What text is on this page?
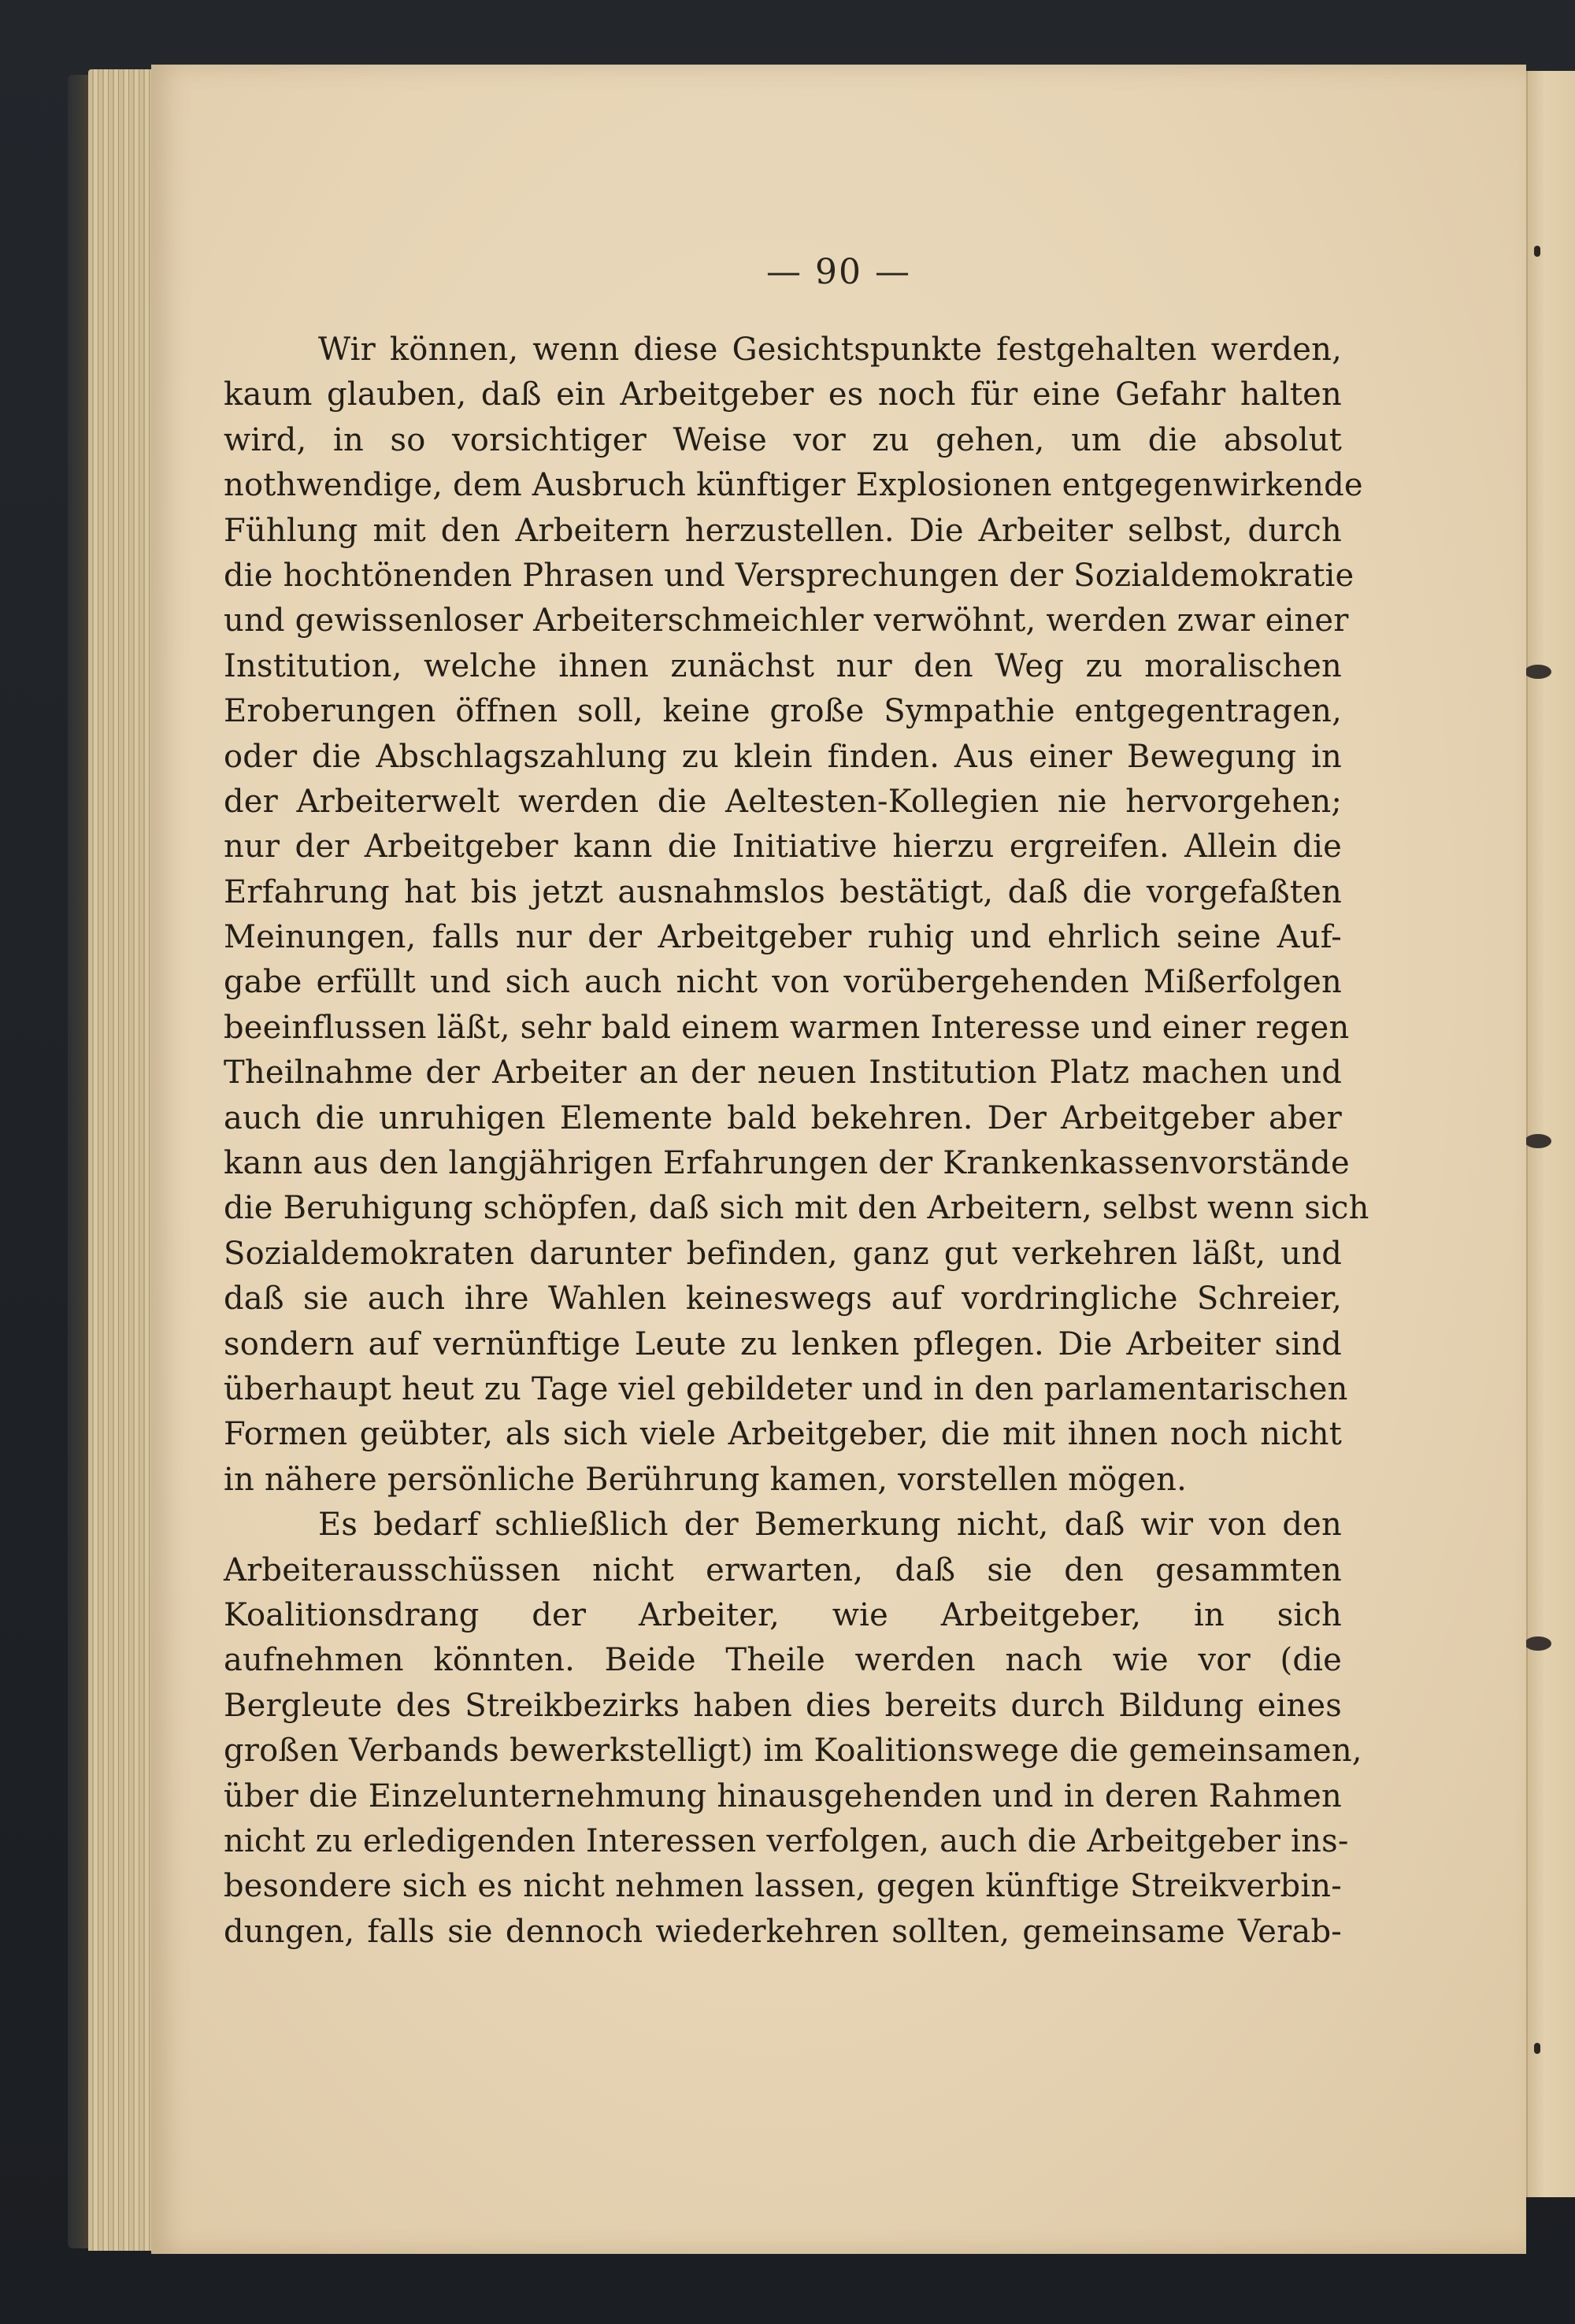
— 90 —
Wir können, wenn diese Gesichtspunkte festgehalten werden,
kaum glauben, daß ein Arbeitgeber es noch für eine Gefahr halten
wird, in so vorsichtiger Weise vor zu gehen, um die absolut
nothwendige, dem Ausbruch künftiger Explosionen entgegenwirkende
Fühlung mit den Arbeitern herzustellen. Die Arbeiter selbst, durch
die hochtönenden Phrasen und Versprechungen der Sozialdemokratie
und gewissenloser Arbeiterschmeichler verwöhnt, werden zwar einer
Institution, welche ihnen zunächst nur den Weg zu moralischen
Eroberungen öffnen soll, keine große Sympathie entgegentragen,
oder die Abschlagszahlung zu klein finden. Aus einer Bewegung in
der Arbeiterwelt werden die Aeltesten-Kollegien nie hervorgehen;
nur der Arbeitgeber kann die Initiative hierzu ergreifen. Allein die
Erfahrung hat bis jetzt ausnahmslos bestätigt, daß die vorgefaßten
Meinungen, falls nur der Arbeitgeber ruhig und ehrlich seine Auf-
gabe erfüllt und sich auch nicht von vorübergehenden Mißerfolgen
beeinflussen läßt, sehr bald einem warmen Interesse und einer regen
Theilnahme der Arbeiter an der neuen Institution Platz machen und
auch die unruhigen Elemente bald bekehren. Der Arbeitgeber aber
kann aus den langjährigen Erfahrungen der Krankenkassenvorstände
die Beruhigung schöpfen, daß sich mit den Arbeitern, selbst wenn sich
Sozialdemokraten darunter befinden, ganz gut verkehren läßt, und
daß sie auch ihre Wahlen keineswegs auf vordringliche Schreier,
sondern auf vernünftige Leute zu lenken pflegen. Die Arbeiter sind
überhaupt heut zu Tage viel gebildeter und in den parlamentarischen
Formen geübter, als sich viele Arbeitgeber, die mit ihnen noch nicht
in nähere persönliche Berührung kamen, vorstellen mögen.
Es bedarf schließlich der Bemerkung nicht, daß wir von den
Arbeiterausschüssen nicht erwarten, daß sie den gesammten
Koalitionsdrang der Arbeiter, wie Arbeitgeber, in sich
aufnehmen könnten. Beide Theile werden nach wie vor (die
Bergleute des Streikbezirks haben dies bereits durch Bildung eines
großen Verbands bewerkstelligt) im Koalitionswege die gemeinsamen,
über die Einzelunternehmung hinausgehenden und in deren Rahmen
nicht zu erledigenden Interessen verfolgen, auch die Arbeitgeber ins-
besondere sich es nicht nehmen lassen, gegen künftige Streikverbin-
dungen, falls sie dennoch wiederkehren sollten, gemeinsame Verab-
